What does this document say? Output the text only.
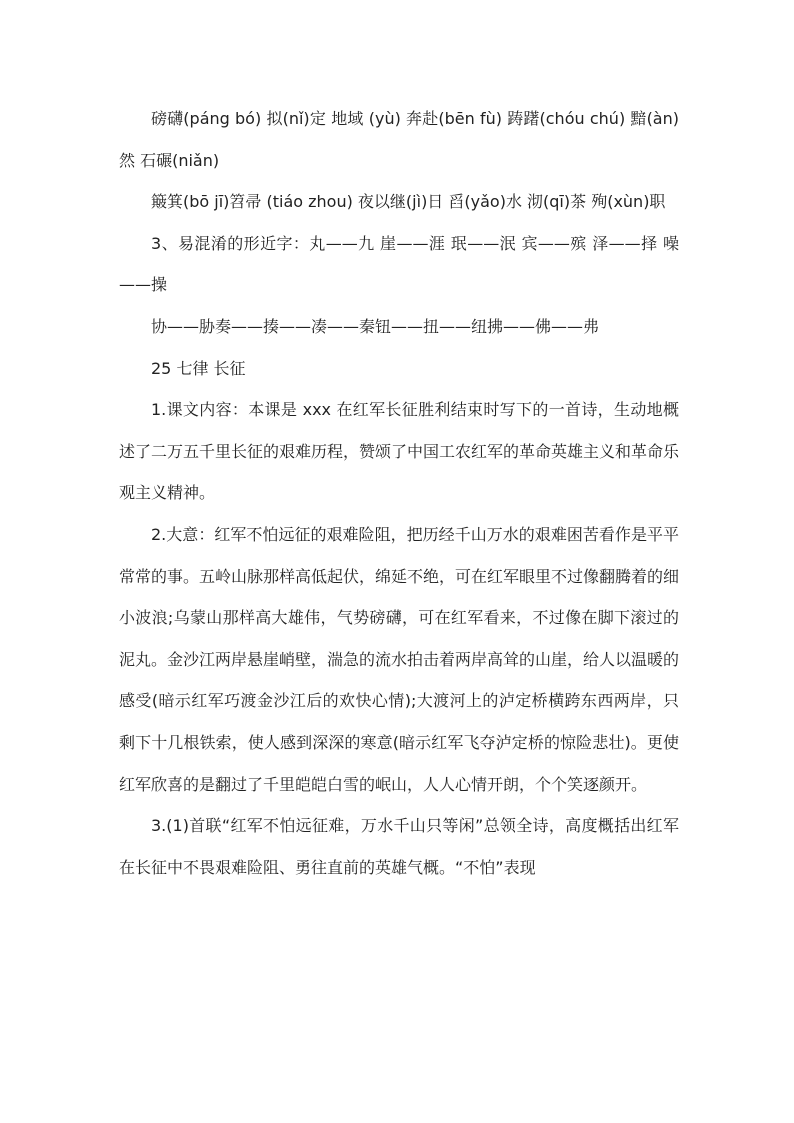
磅礴(páng bó) 拟(nǐ)定 地域 (yù) 奔赴(bēn fù) 踌躇(chóu chú) 黯(àn)然 石碾(niǎn)

簸箕(bō jī)笤帚 (tiáo zhou) 夜以继(jì)日 舀(yǎo)水 沏(qī)茶 殉(xùn)职

3、易混淆的形近字：丸——九 崖——涯 珉——泯 宾——殡 泽——择 噪——操

协——胁奏——揍——凑——秦钮——扭——纽拂——佛——弗

25 七律 长征

1.课文内容：本课是 xxx 在红军长征胜利结束时写下的一首诗，生动地概述了二万五千里长征的艰难历程，赞颂了中国工农红军的革命英雄主义和革命乐观主义精神。

2.大意：红军不怕远征的艰难险阻，把历经千山万水的艰难困苦看作是平平常常的事。五岭山脉那样高低起伏，绵延不绝，可在红军眼里不过像翻腾着的细小波浪;乌蒙山那样高大雄伟，气势磅礴，可在红军看来，不过像在脚下滚过的泥丸。金沙江两岸悬崖峭壁，湍急的流水拍击着两岸高耸的山崖，给人以温暖的感受(暗示红军巧渡金沙江后的欢快心情);大渡河上的泸定桥横跨东西两岸，只剩下十几根铁索，使人感到深深的寒意(暗示红军飞夺泸定桥的惊险悲壮)。更使红军欣喜的是翻过了千里皑皑白雪的岷山，人人心情开朗，个个笑逐颜开。

3.(1)首联“红军不怕远征难，万水千山只等闲”总领全诗，高度概括出红军在长征中不畏艰难险阻、勇往直前的英雄气概。“不怕”表现
